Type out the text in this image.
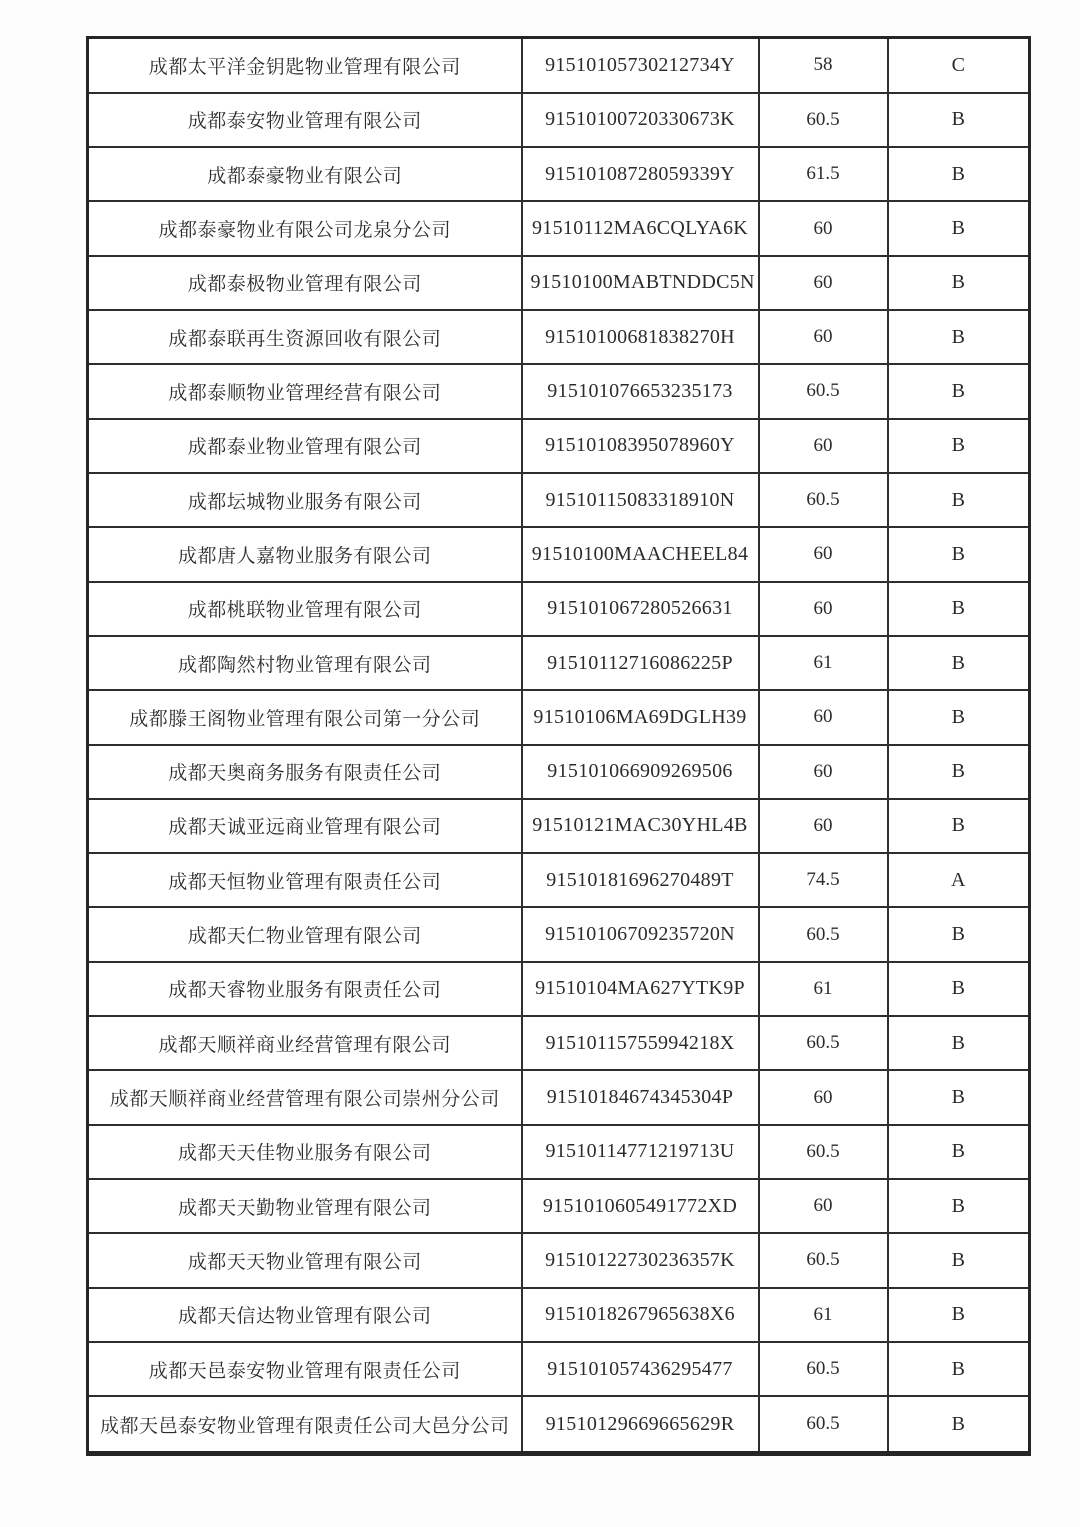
成都太平洋金钥匙物业管理有限公司	91510105730212734Y	58	C
成都泰安物业管理有限公司	91510100720330673K	60.5	B
成都泰豪物业有限公司	91510108728059339Y	61.5	B
成都泰豪物业有限公司龙泉分公司	91510112MA6CQLYA6K	60	B
成都泰极物业管理有限公司	91510100MABTNDDC5N	60	B
成都泰联再生资源回收有限公司	91510100681838270H	60	B
成都泰顺物业管理经营有限公司	915101076653235173	60.5	B
成都泰业物业管理有限公司	91510108395078960Y	60	B
成都坛城物业服务有限公司	91510115083318910N	60.5	B
成都唐人嘉物业服务有限公司	91510100MAACHEEL84	60	B
成都桃联物业管理有限公司	915101067280526631	60	B
成都陶然村物业管理有限公司	91510112716086225P	61	B
成都滕王阁物业管理有限公司第一分公司	91510106MA69DGLH39	60	B
成都天奥商务服务有限责任公司	915101066909269506	60	B
成都天诚亚远商业管理有限公司	91510121MAC30YHL4B	60	B
成都天恒物业管理有限责任公司	91510181696270489T	74.5	A
成都天仁物业管理有限公司	91510106709235720N	60.5	B
成都天睿物业服务有限责任公司	91510104MA627YTK9P	61	B
成都天顺祥商业经营管理有限公司	91510115755994218X	60.5	B
成都天顺祥商业经营管理有限公司崇州分公司	91510184674345304P	60	B
成都天天佳物业服务有限公司	91510114771219713U	60.5	B
成都天天勤物业管理有限公司	9151010605491772XD	60	B
成都天天物业管理有限公司	91510122730236357K	60.5	B
成都天信达物业管理有限公司	9151018267965638X6	61	B
成都天邑泰安物业管理有限责任公司	915101057436295477	60.5	B
成都天邑泰安物业管理有限责任公司大邑分公司	91510129669665629R	60.5	B
